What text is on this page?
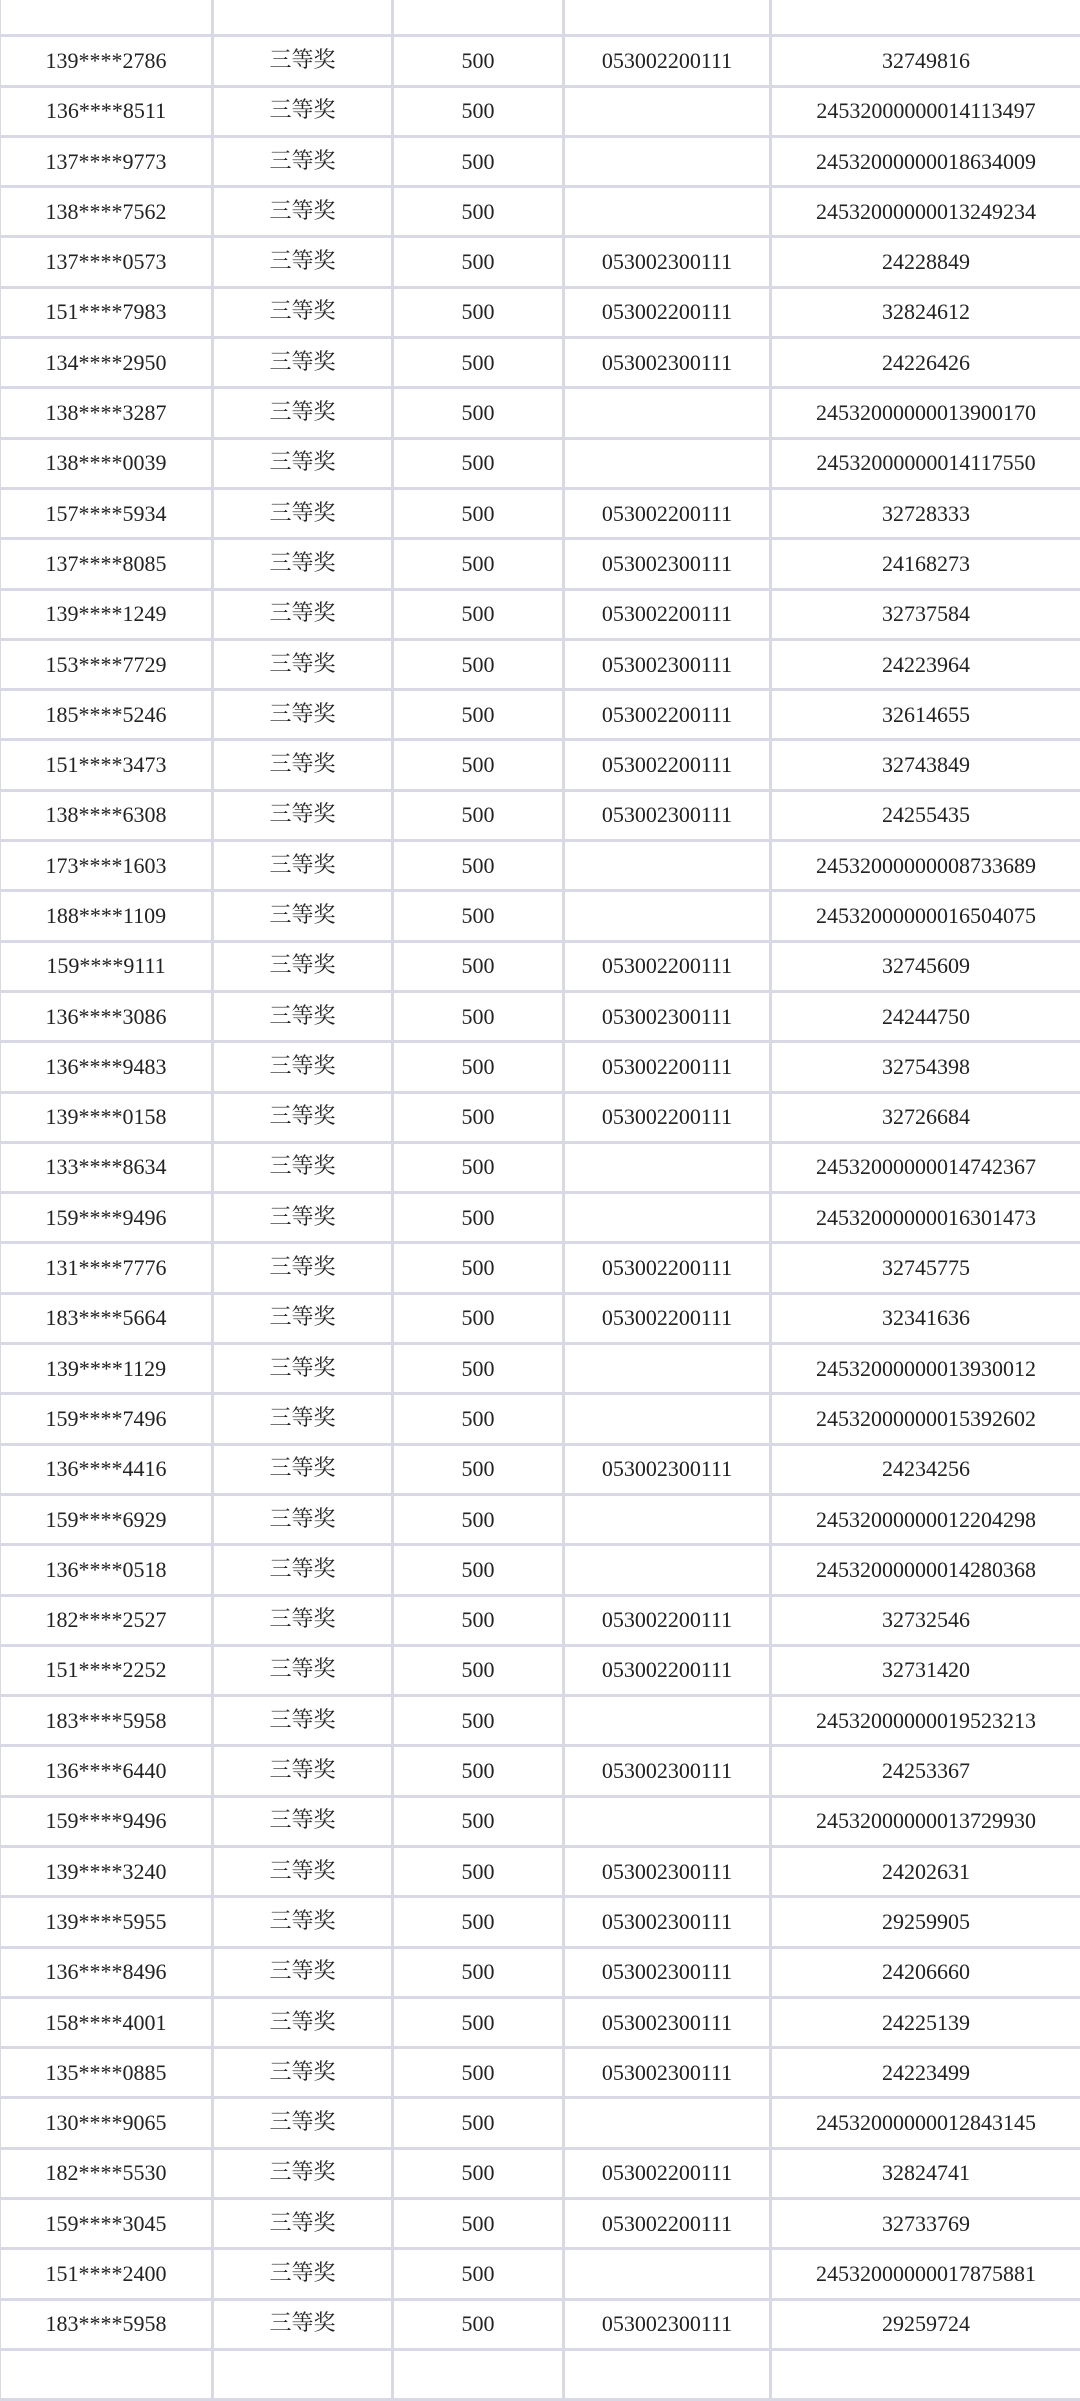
139****2786	三等奖	500	053002200111	32749816
136****8511	三等奖	500		24532000000014113497
137****9773	三等奖	500		24532000000018634009
138****7562	三等奖	500		24532000000013249234
137****0573	三等奖	500	053002300111	24228849
151****7983	三等奖	500	053002200111	32824612
134****2950	三等奖	500	053002300111	24226426
138****3287	三等奖	500		24532000000013900170
138****0039	三等奖	500		24532000000014117550
157****5934	三等奖	500	053002200111	32728333
137****8085	三等奖	500	053002300111	24168273
139****1249	三等奖	500	053002200111	32737584
153****7729	三等奖	500	053002300111	24223964
185****5246	三等奖	500	053002200111	32614655
151****3473	三等奖	500	053002200111	32743849
138****6308	三等奖	500	053002300111	24255435
173****1603	三等奖	500		24532000000008733689
188****1109	三等奖	500		24532000000016504075
159****9111	三等奖	500	053002200111	32745609
136****3086	三等奖	500	053002300111	24244750
136****9483	三等奖	500	053002200111	32754398
139****0158	三等奖	500	053002200111	32726684
133****8634	三等奖	500		24532000000014742367
159****9496	三等奖	500		24532000000016301473
131****7776	三等奖	500	053002200111	32745775
183****5664	三等奖	500	053002200111	32341636
139****1129	三等奖	500		24532000000013930012
159****7496	三等奖	500		24532000000015392602
136****4416	三等奖	500	053002300111	24234256
159****6929	三等奖	500		24532000000012204298
136****0518	三等奖	500		24532000000014280368
182****2527	三等奖	500	053002200111	32732546
151****2252	三等奖	500	053002200111	32731420
183****5958	三等奖	500		24532000000019523213
136****6440	三等奖	500	053002300111	24253367
159****9496	三等奖	500		24532000000013729930
139****3240	三等奖	500	053002300111	24202631
139****5955	三等奖	500	053002300111	29259905
136****8496	三等奖	500	053002300111	24206660
158****4001	三等奖	500	053002300111	24225139
135****0885	三等奖	500	053002300111	24223499
130****9065	三等奖	500		24532000000012843145
182****5530	三等奖	500	053002200111	32824741
159****3045	三等奖	500	053002200111	32733769
151****2400	三等奖	500		24532000000017875881
183****5958	三等奖	500	053002300111	29259724
